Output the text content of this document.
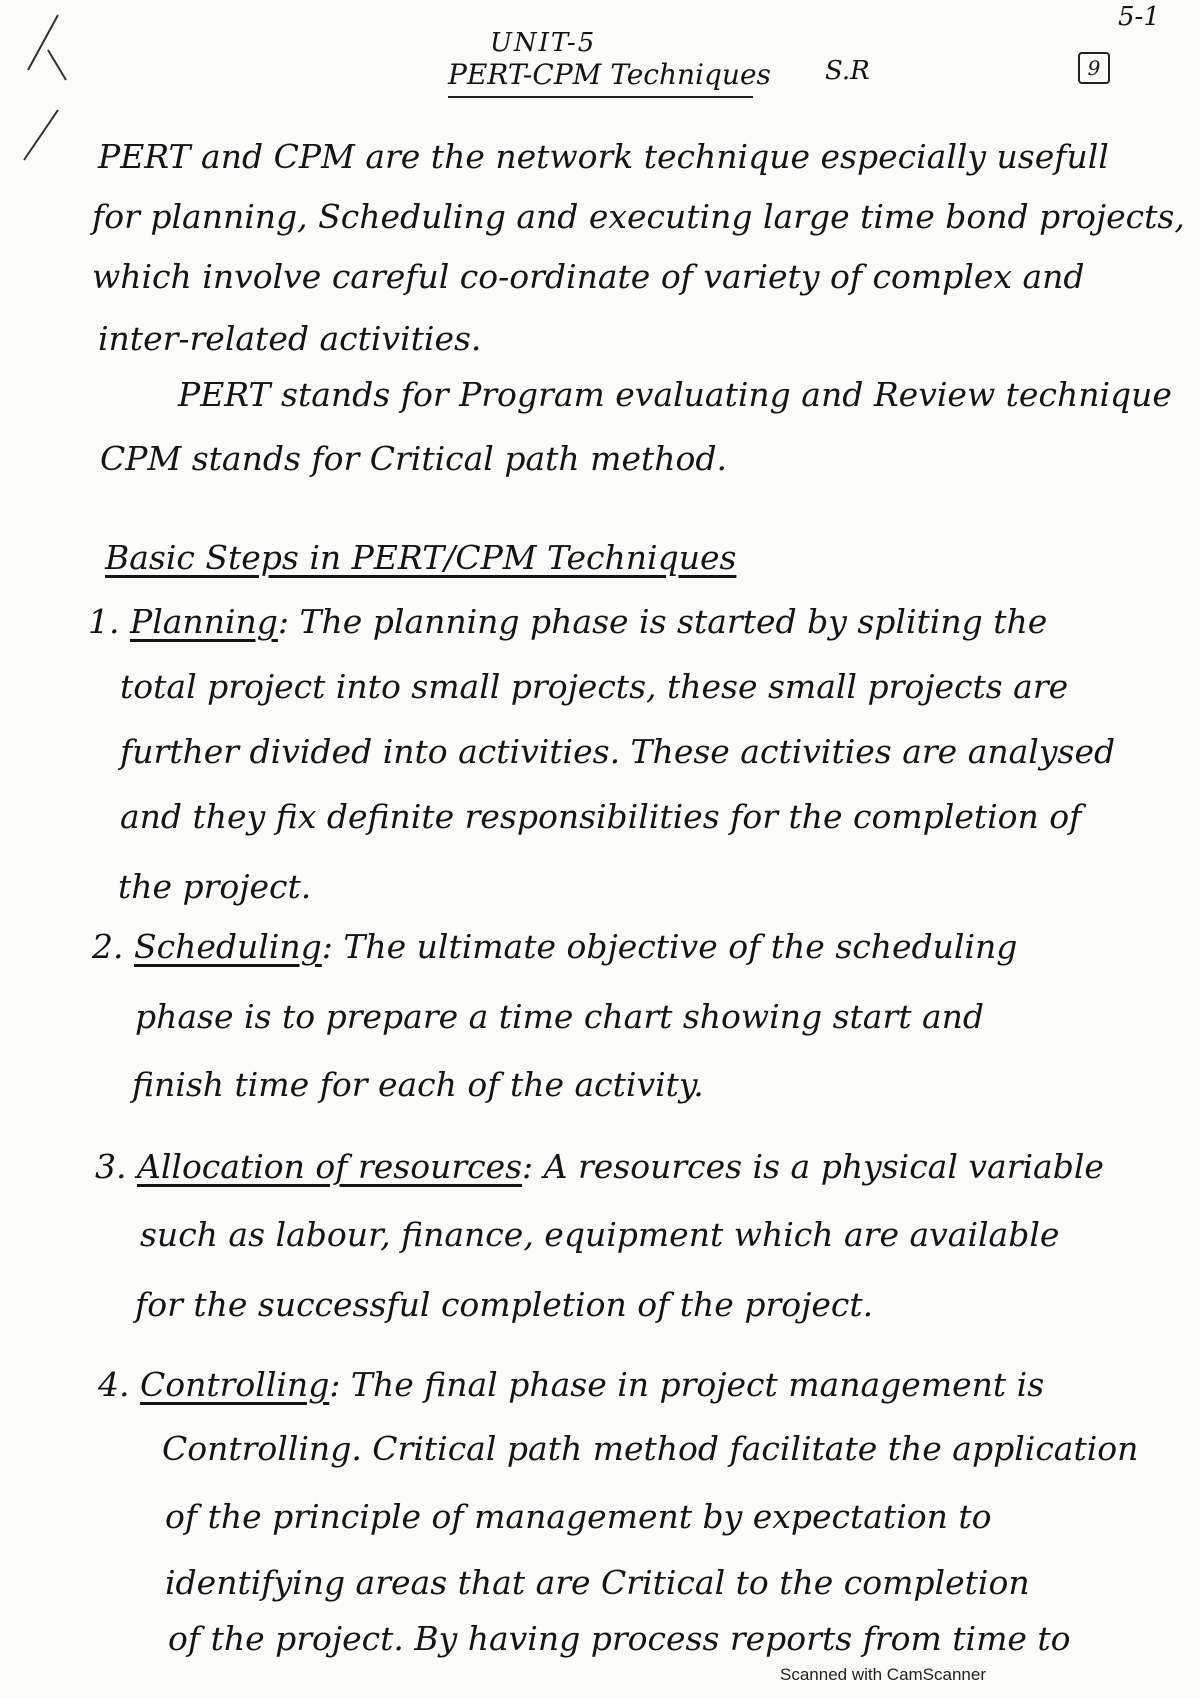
5-1
UNIT-5
PERT-CPM Techniques S.R	9
PERT and CPM are the network technique especially usefull
for planning, Scheduling and executing large time bond projects,
which involve careful co-ordinate of variety of complex and
inter-related activities.
PERT stands for Program evaluating and Review technique
CPM stands for Critical path method.
Basic Steps in PERT/CPM Techniques
1. Planning: The planning phase is started by spliting the
total project into small projects, these small projects are
further divided into activities. These activities are analysed
and they fix definite responsibilities for the completion of
the project.
2. Scheduling: The ultimate objective of the scheduling
phase is to prepare a time chart showing start and
finish time for each of the activity.
3. Allocation of resources: A resources is a physical variable
such as labour, finance, equipment which are available
for the successful completion of the project.
4. Controlling: The final phase in project management is
Controlling. Critical path method facilitate the application
of the principle of management by expectation to
identifying areas that are Critical to the completion
of the project. By having process reports from time to
Scanned with CamScanner
